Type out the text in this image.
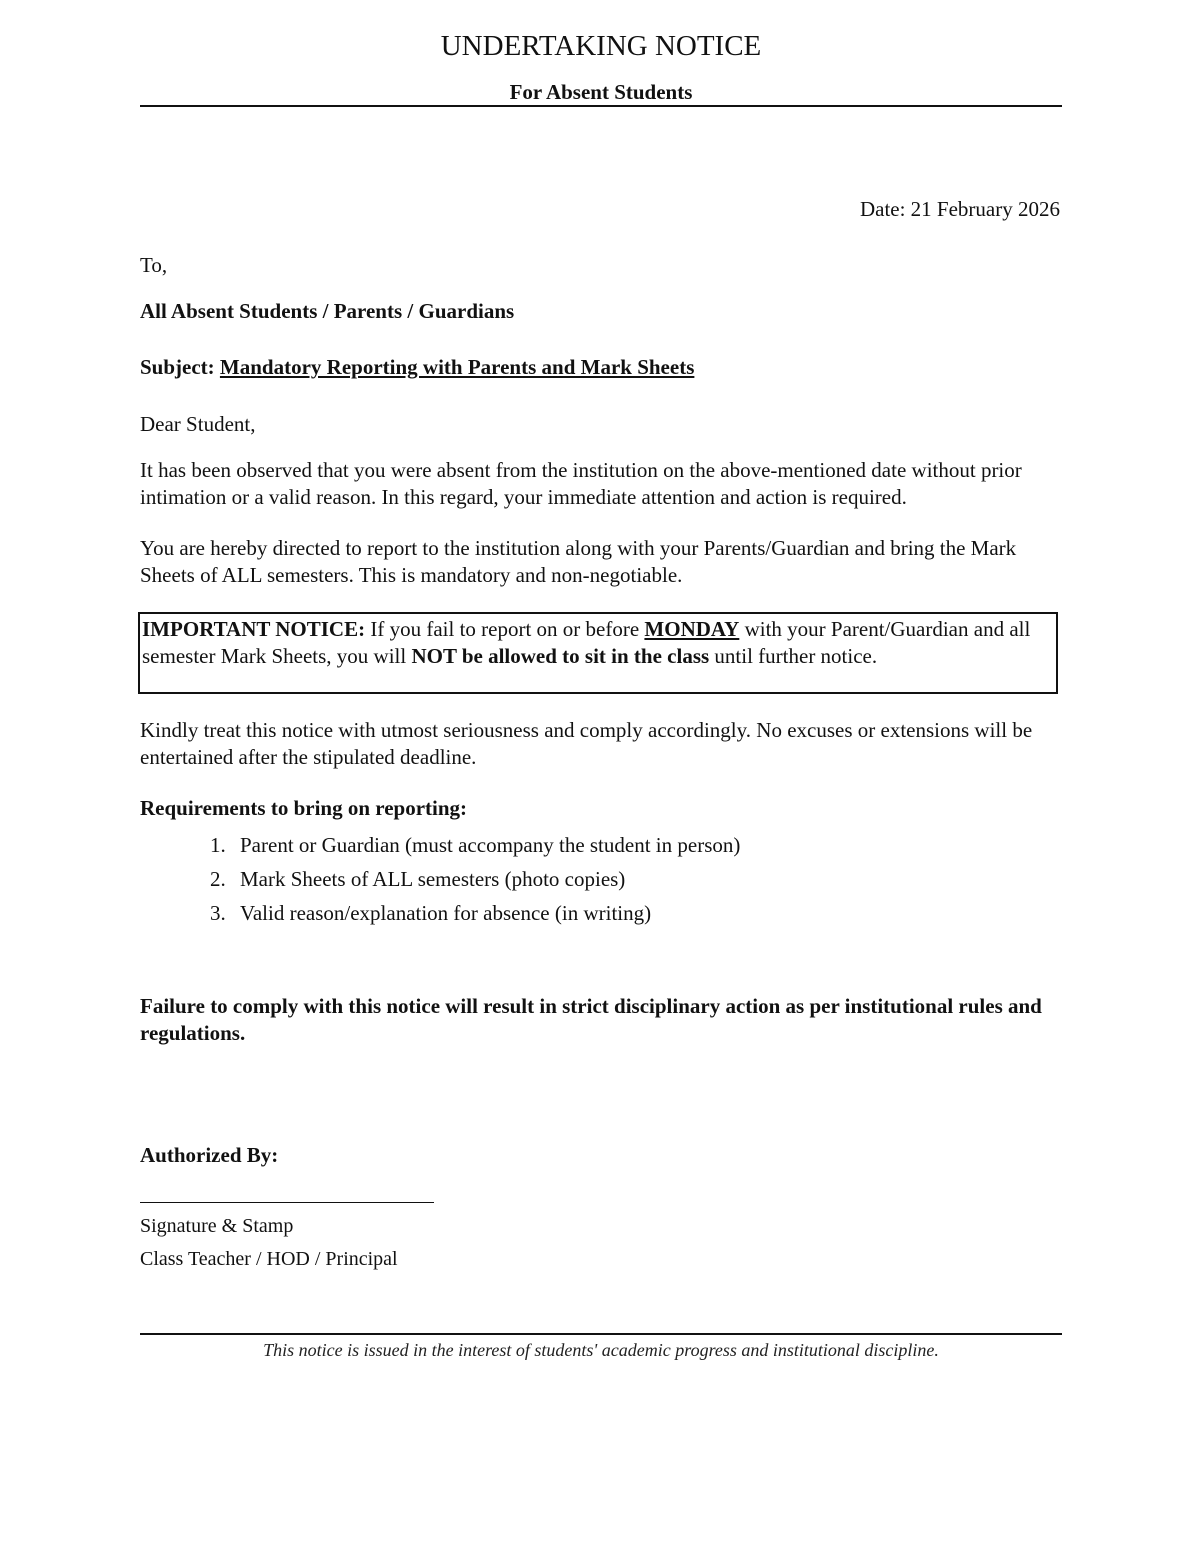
UNDERTAKING NOTICE
For Absent Students
Date: 21 February 2026
To,
All Absent Students / Parents / Guardians
Subject: Mandatory Reporting with Parents and Mark Sheets
Dear Student,
It has been observed that you were absent from the institution on the above-mentioned date without prior intimation or a valid reason. In this regard, your immediate attention and action is required.
You are hereby directed to report to the institution along with your Parents/Guardian and bring the Mark Sheets of ALL semesters. This is mandatory and non-negotiable.
IMPORTANT NOTICE: If you fail to report on or before MONDAY with your Parent/Guardian and all semester Mark Sheets, you will NOT be allowed to sit in the class until further notice.
Kindly treat this notice with utmost seriousness and comply accordingly. No excuses or extensions will be entertained after the stipulated deadline.
Requirements to bring on reporting:
1. Parent or Guardian (must accompany the student in person)
2. Mark Sheets of ALL semesters (photo copies)
3. Valid reason/explanation for absence (in writing)
Failure to comply with this notice will result in strict disciplinary action as per institutional rules and regulations.
Authorized By:
Signature & Stamp
Class Teacher / HOD / Principal
This notice is issued in the interest of students' academic progress and institutional discipline.
